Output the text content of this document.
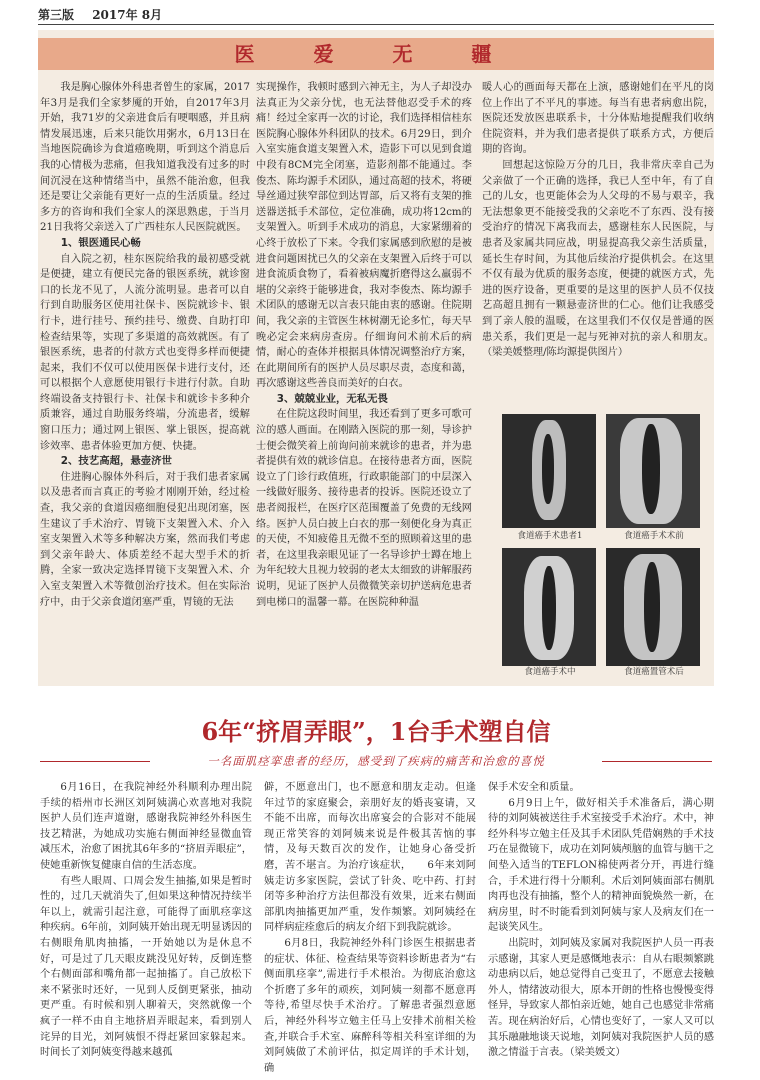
第三版 2017年 8月
医 爱 无 疆

我是胸心腺体外科患者曾生的家属，2017年3月是我们全家梦魇的开始，自2017年3月开始，我71岁的父亲进食后有哽咽感，并且病情发展迅速，后来只能饮用粥水，6月13日在当地医院确诊为食道癌晚期，听到这个消息后我的心情极为悲痛，但我知道我没有过多的时间沉浸在这种情绪当中，虽然不能治愈，但我还是要让父亲能有更好一点的生活质量。经过多方的咨询和我们全家人的深思熟虑，于当月21日我将父亲送入了广西桂东人民医院就医。

1、银医通民心畅

自入院之初，桂东医院给我的最初感受就是便捷，建立有便民完备的银医系统，就诊窗口的长龙不见了，人流分流明显。患者可以自行到自助服务区使用社保卡、医院就诊卡、银行卡，进行挂号、预约挂号、缴费、自助打印检查结果等，实现了多渠道的高效就医。有了银医系统，患者的付款方式也变得多样而便捷起来，我们不仅可以使用医保卡进行支付，还可以根据个人意愿使用银行卡进行付款。自助终端设备支持银行卡、社保卡和就诊卡多种介质兼容，通过自助服务终端，分流患者，缓解窗口压力；通过网上银医、掌上银医，提高就诊效率、患者体验更加方便、快捷。

2、技艺高超，悬壶济世

住进胸心腺体外科后，对于我们患者家属以及患者而言真正的考验才刚刚开始，经过检查，我父亲的食道因癌细胞侵犯出现闭塞，医生建议了手术治疗、胃镜下支架置入术、介入室支架置入术等多种解决方案，然而我们考虑到父亲年龄大、体质差经不起大型手术的折腾，全家一致决定选择胃镜下支架置入术、介入室支架置入术等微创治疗技术。但在实际治疗中，由于父亲食道闭塞严重，胃镜的无法

实现操作，我顿时感到六神无主，为人子却没办法真正为父亲分忧，也无法替他忍受手术的疼痛！经过全家再一次的讨论，我们选择相信桂东医院胸心腺体外科团队的技术。6月29日，到介入室实施食道支架置入术，造影下可以见到食道中段有8CM完全闭塞，造影剂都不能通过。李俊杰、陈均源手术团队，通过高超的技术，将硬导丝通过狭窄部位到达胃部，后又将有支架的推送器送抵手术部位，定位准确，成功将12cm的支架置入。听到手术成功的消息，大家紧绷着的心终于放松了下来。令我们家属感到欣慰的是被进食问题困扰已久的父亲在支架置入后终于可以进食流质食物了，看着被病魔折磨得这么羸弱不堪的父亲终于能够进食，我对李俊杰、陈均源手术团队的感谢无以言表只能由衷的感谢。住院期间，我父亲的主管医生林树潮无论多忙，每天早晚必定会来病房查房。仔细询问术前术后的病情，耐心的查体并根据具体情况调整治疗方案，在此期间所有的医护人员尽职尽责，态度和蔼，再次感谢这些善良而美好的白衣。

3、兢兢业业，无私无畏

在住院这段时间里，我还看到了更多可歌可泣的感人画面。在刚踏入医院的那一刻，导诊护士便会微笑着上前询问前来就诊的患者，并为患者提供有效的就诊信息。在接待患者方面，医院设立了门诊行政值班，行政职能部门的中层深入一线做好服务、接待患者的投诉。医院还设立了患者阅报栏，在医疗区范围覆盖了免费的无线网络。医护人员白披上白衣的那一刻便化身为真正的天使，不知疲倦且无微不至的照顾着这里的患者，在这里我亲眼见证了一名导诊护士蹲在地上为年纪较大且视力较弱的老太太细致的讲解服药说明，见证了医护人员微微笑亲切护送病危患者到电梯口的温馨一幕。在医院种种温

暖人心的画面每天都在上演，感谢她们在平凡的岗位上作出了不平凡的事迹。每当有患者病愈出院，医院还发放医患联系卡，十分体贴地提醒我们收纳住院资料，并为我们患者提供了联系方式，方便后期的咨询。

回想起这惊险万分的几日，我非常庆幸自己为父亲做了一个正确的选择，我已人至中年，有了自己的儿女，也更能体会为人父母的不易与艰辛，我无法想象更不能接受我的父亲吃不了东西、没有接受治疗的情况下离我而去，感谢桂东人民医院，与患者及家属共同应战，明显提高我父亲生活质量，延长生存时间，为其他后续治疗提供机会。在这里不仅有最为优质的服务态度，便捷的就医方式，先进的医疗设备，更重要的是这里的医护人员不仅技艺高超且拥有一颗悬壶济世的仁心。他们让我感受到了亲人般的温暖，在这里我们不仅仅是普通的医患关系，我们更是一起与死神对抗的亲人和朋友。（梁美媛整理/陈均源提供图片）

食道癌手术患者1	食道癌手术术前
食道癌手术中	食道癌置管术后
6年“挤眉弄眼”，1台手术塑自信
一名面肌痉挛患者的经历，感受到了疾病的痛苦和治愈的喜悦

6月16日，在我院神经外科顺利办理出院手续的梧州市长洲区刘阿姨满心欢喜地对我院医护人员们连声道谢，感谢我院神经外科医生技艺精湛，为她成功实施右侧面神经显微血管减压术，治愈了困扰其6年多的“挤眉弄眼症”，使她重新恢复健康自信的生活态度。

有些人眼周、口周会发生抽搐,如果是暂时性的，过几天就消失了,但如果这种情况持续半年以上，就需引起注意，可能得了面肌痉挛这种疾病。6年前，刘阿姨开始出现无明显诱因的右侧眼角肌肉抽搐，一开始她以为是休息不好，可是过了几天眼皮跳没见好转，反倒连整个右侧面部和嘴角都一起抽搐了。自己放松下来不紧张时还好，一见到人反倒更紧张，抽动更严重。有时候和别人聊着天，突然就像一个疯子一样不由自主地挤眉弄眼起来，看到别人诧异的目光，刘阿姨恨不得赶紧回家躲起来。时间长了刘阿姨变得越来越孤

僻，不愿意出门，也不愿意和朋友走动。但逢年过节的家庭聚会，亲朋好友的婚丧宴请，又不能不出席，而每次出席宴会的合影对不能展现正常笑容的刘阿姨来说是件极其苦恼的事情，及每天数百次的发作，让她身心备受折磨，苦不堪言。为治疗该症状，　　6年来刘阿姨走访多家医院，尝试了针灸、吃中药、打封闭等多种治疗方法但都没有效果，近来右侧面部肌肉抽搐更加严重，发作频繁。刘阿姨经在同样病症痊愈后的病友介绍下到我院就诊。

6月8日，我院神经外科门诊医生根据患者的症状、体征、检查结果等资料诊断患者为“右侧面肌痉挛”,需进行手术根治。为彻底治愈这个折磨了多年的顽疾，刘阿姨一刻都不愿意再等待,希望尽快手术治疗。了解患者强烈意愿后，神经外科岑立勉主任马上安排术前相关检查,并联合手术室、麻醉科等相关科室详细的为刘阿姨做了术前评估，拟定周详的手术计划，确

保手术安全和质量。

6月9日上午，做好相关手术准备后，满心期待的刘阿姨被送往手术室接受手术治疗。术中，神经外科岑立勉主任及其手术团队凭借娴熟的手术技巧在显微镜下，成功在刘阿姨颅脑的血管与脑干之间垫入适当的TEFLON棉使两者分开，再进行缝合，手术进行得十分顺利。术后刘阿姨面部右侧肌肉再也没有抽搐，整个人的精神面貌焕然一新，在病房里，时不时能看到刘阿姨与家人及病友们在一起谈笑风生。

出院时，刘阿姨及家属对我院医护人员一再表示感谢，其家人更是感慨地表示：自从右眼频繁跳动患病以后，她总觉得自己变丑了，不愿意去接触外人，情绪波动很大，原本开朗的性格也慢慢变得怪异，导致家人都怕亲近她，她自己也感觉非常痛苦。现在病治好后，心情也变好了，一家人又可以其乐融融地谈天说地，刘阿姨对我院医护人员的感激之情溢于言表。（梁美媛文）
